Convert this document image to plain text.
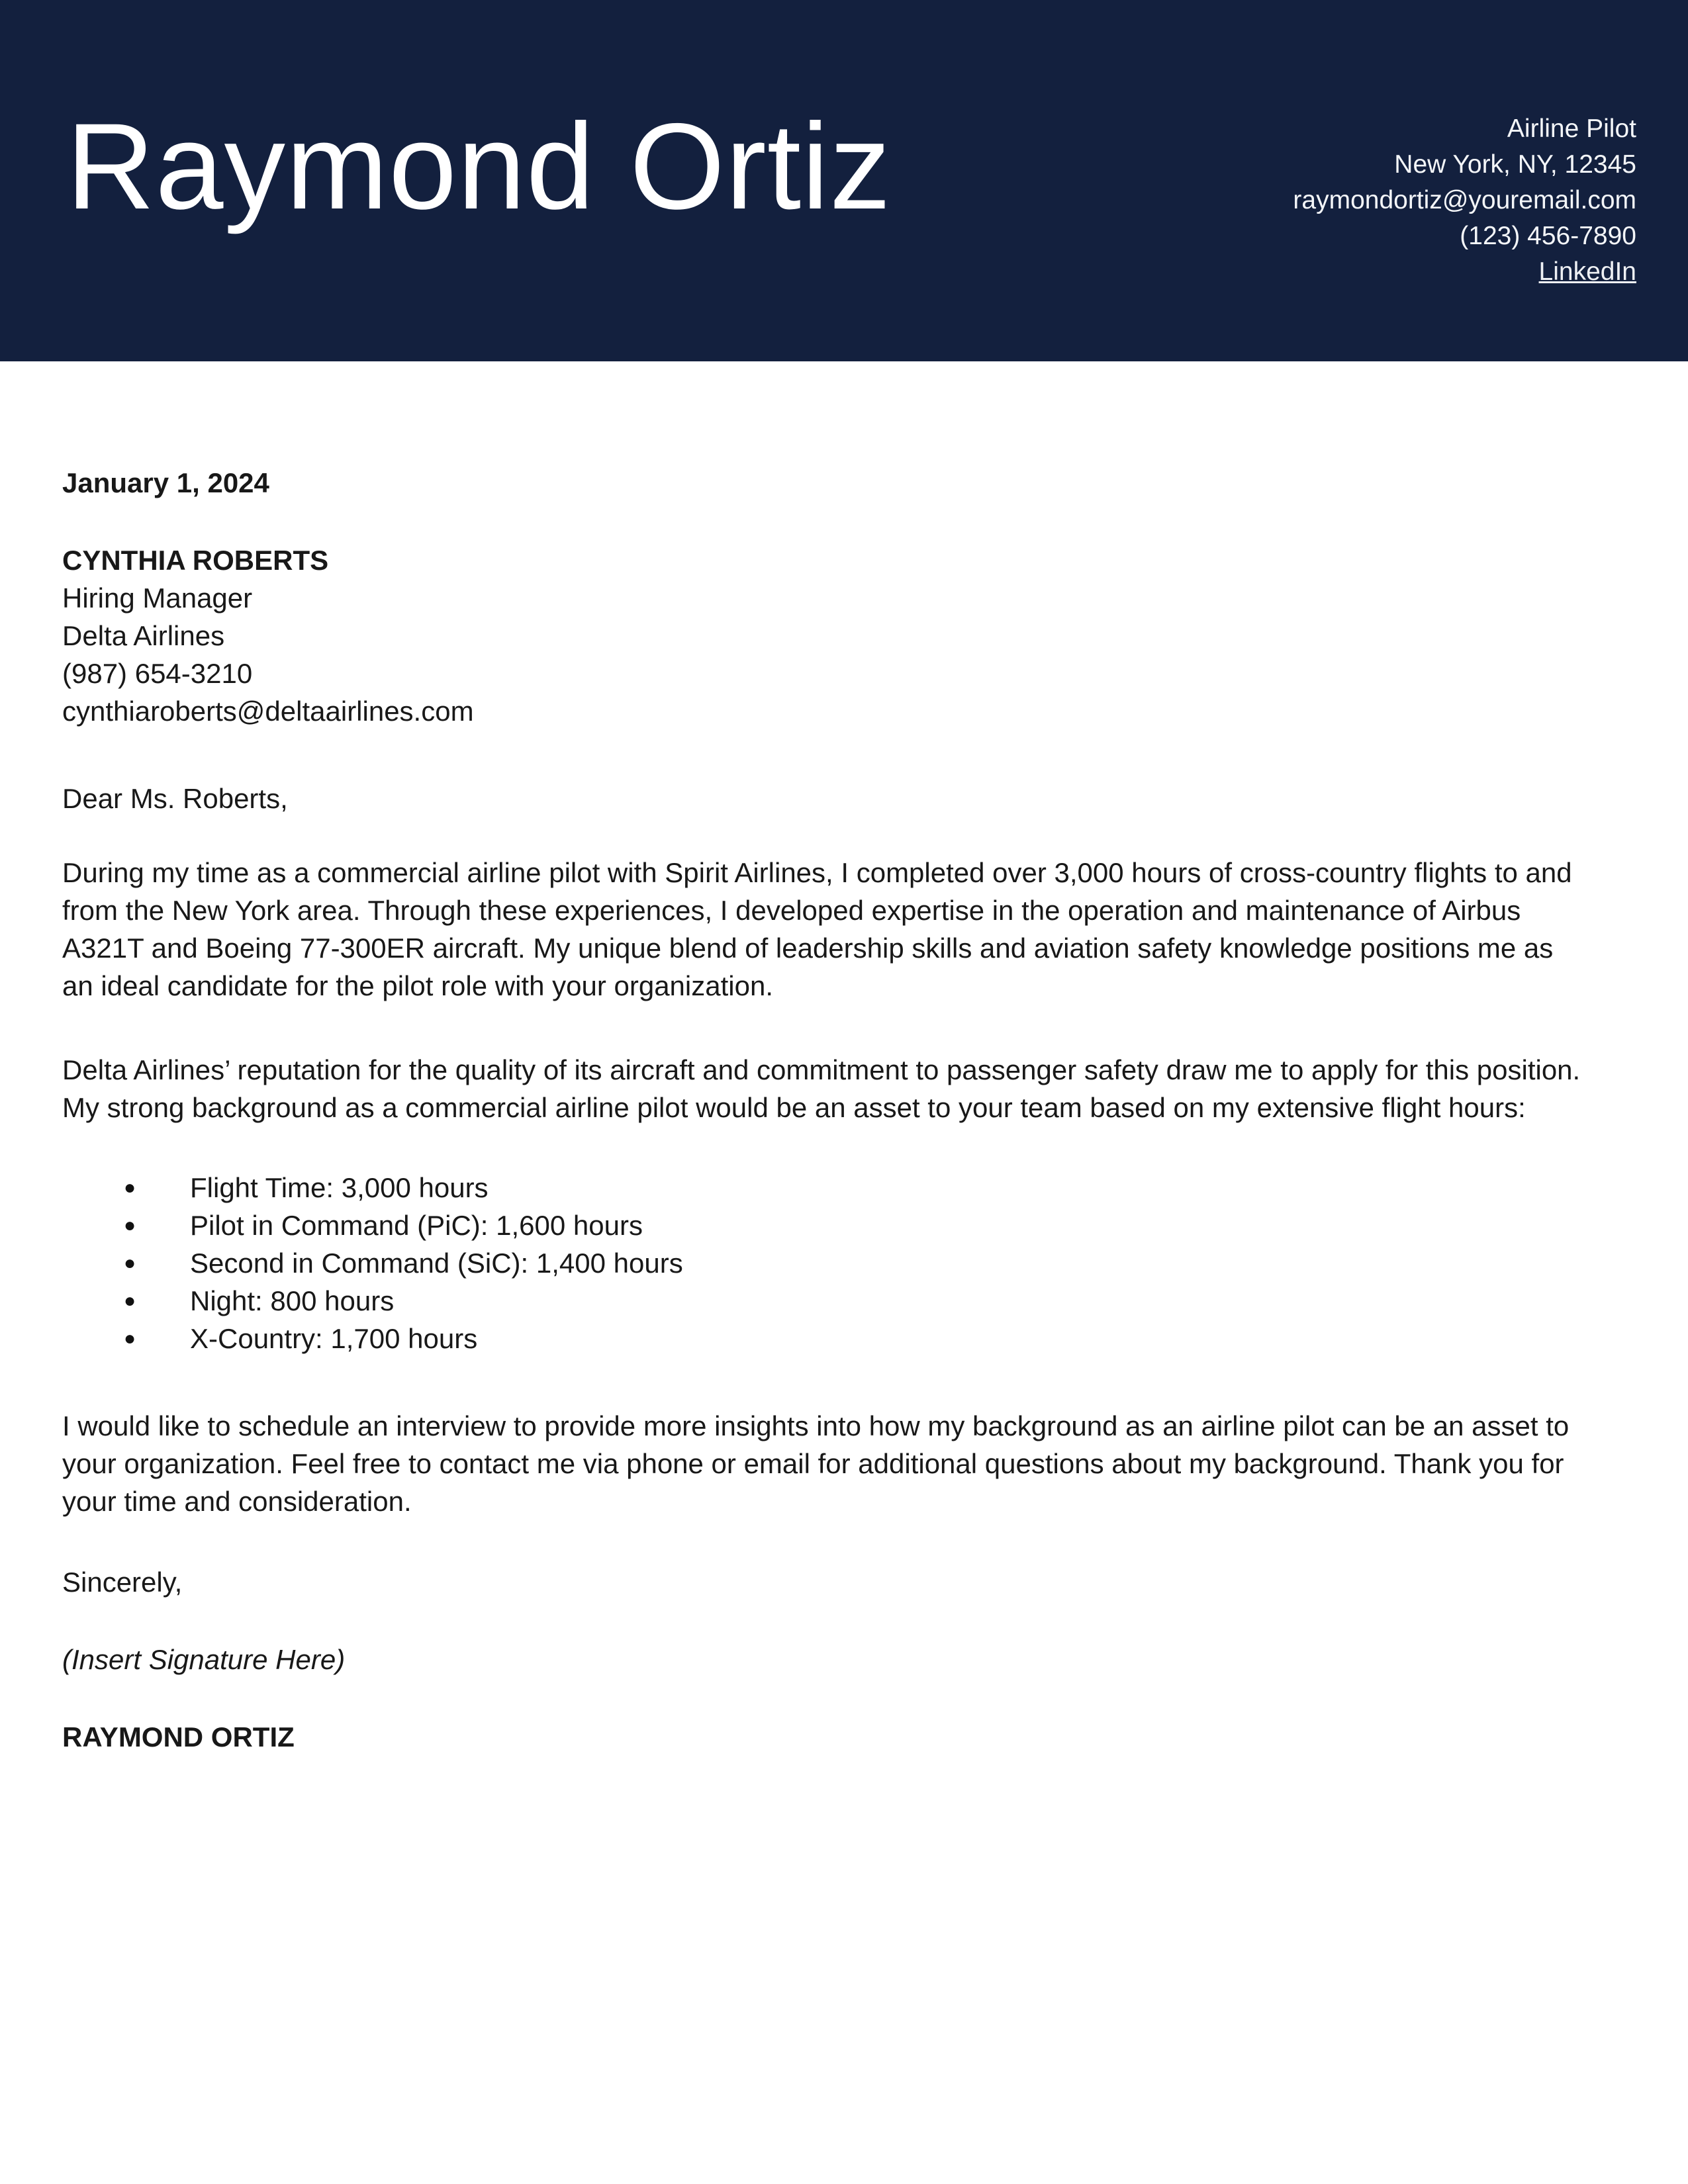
Raymond Ortiz	Airline Pilot
New York, NY, 12345
raymondortiz@youremail.com
(123) 456-7890
LinkedIn
January 1, 2024
CYNTHIA ROBERTS
Hiring Manager
Delta Airlines
(987) 654-3210
cynthiaroberts@deltaairlines.com
Dear Ms. Roberts,

During my time as a commercial airline pilot with Spirit Airlines, I completed over 3,000 hours of cross-country flights to and from the New York area. Through these experiences, I developed expertise in the operation and maintenance of Airbus A321T and Boeing 77-300ER aircraft. My unique blend of leadership skills and aviation safety knowledge positions me as an ideal candidate for the pilot role with your organization.

Delta Airlines’ reputation for the quality of its aircraft and commitment to passenger safety draw me to apply for this position. My strong background as a commercial airline pilot would be an asset to your team based on my extensive flight hours:

● Flight Time: 3,000 hours
● Pilot in Command (PiC): 1,600 hours
● Second in Command (SiC): 1,400 hours
● Night: 800 hours
● X-Country: 1,700 hours

I would like to schedule an interview to provide more insights into how my background as an airline pilot can be an asset to your organization. Feel free to contact me via phone or email for additional questions about my background. Thank you for your time and consideration.

Sincerely,
(Insert Signature Here)
RAYMOND ORTIZ
